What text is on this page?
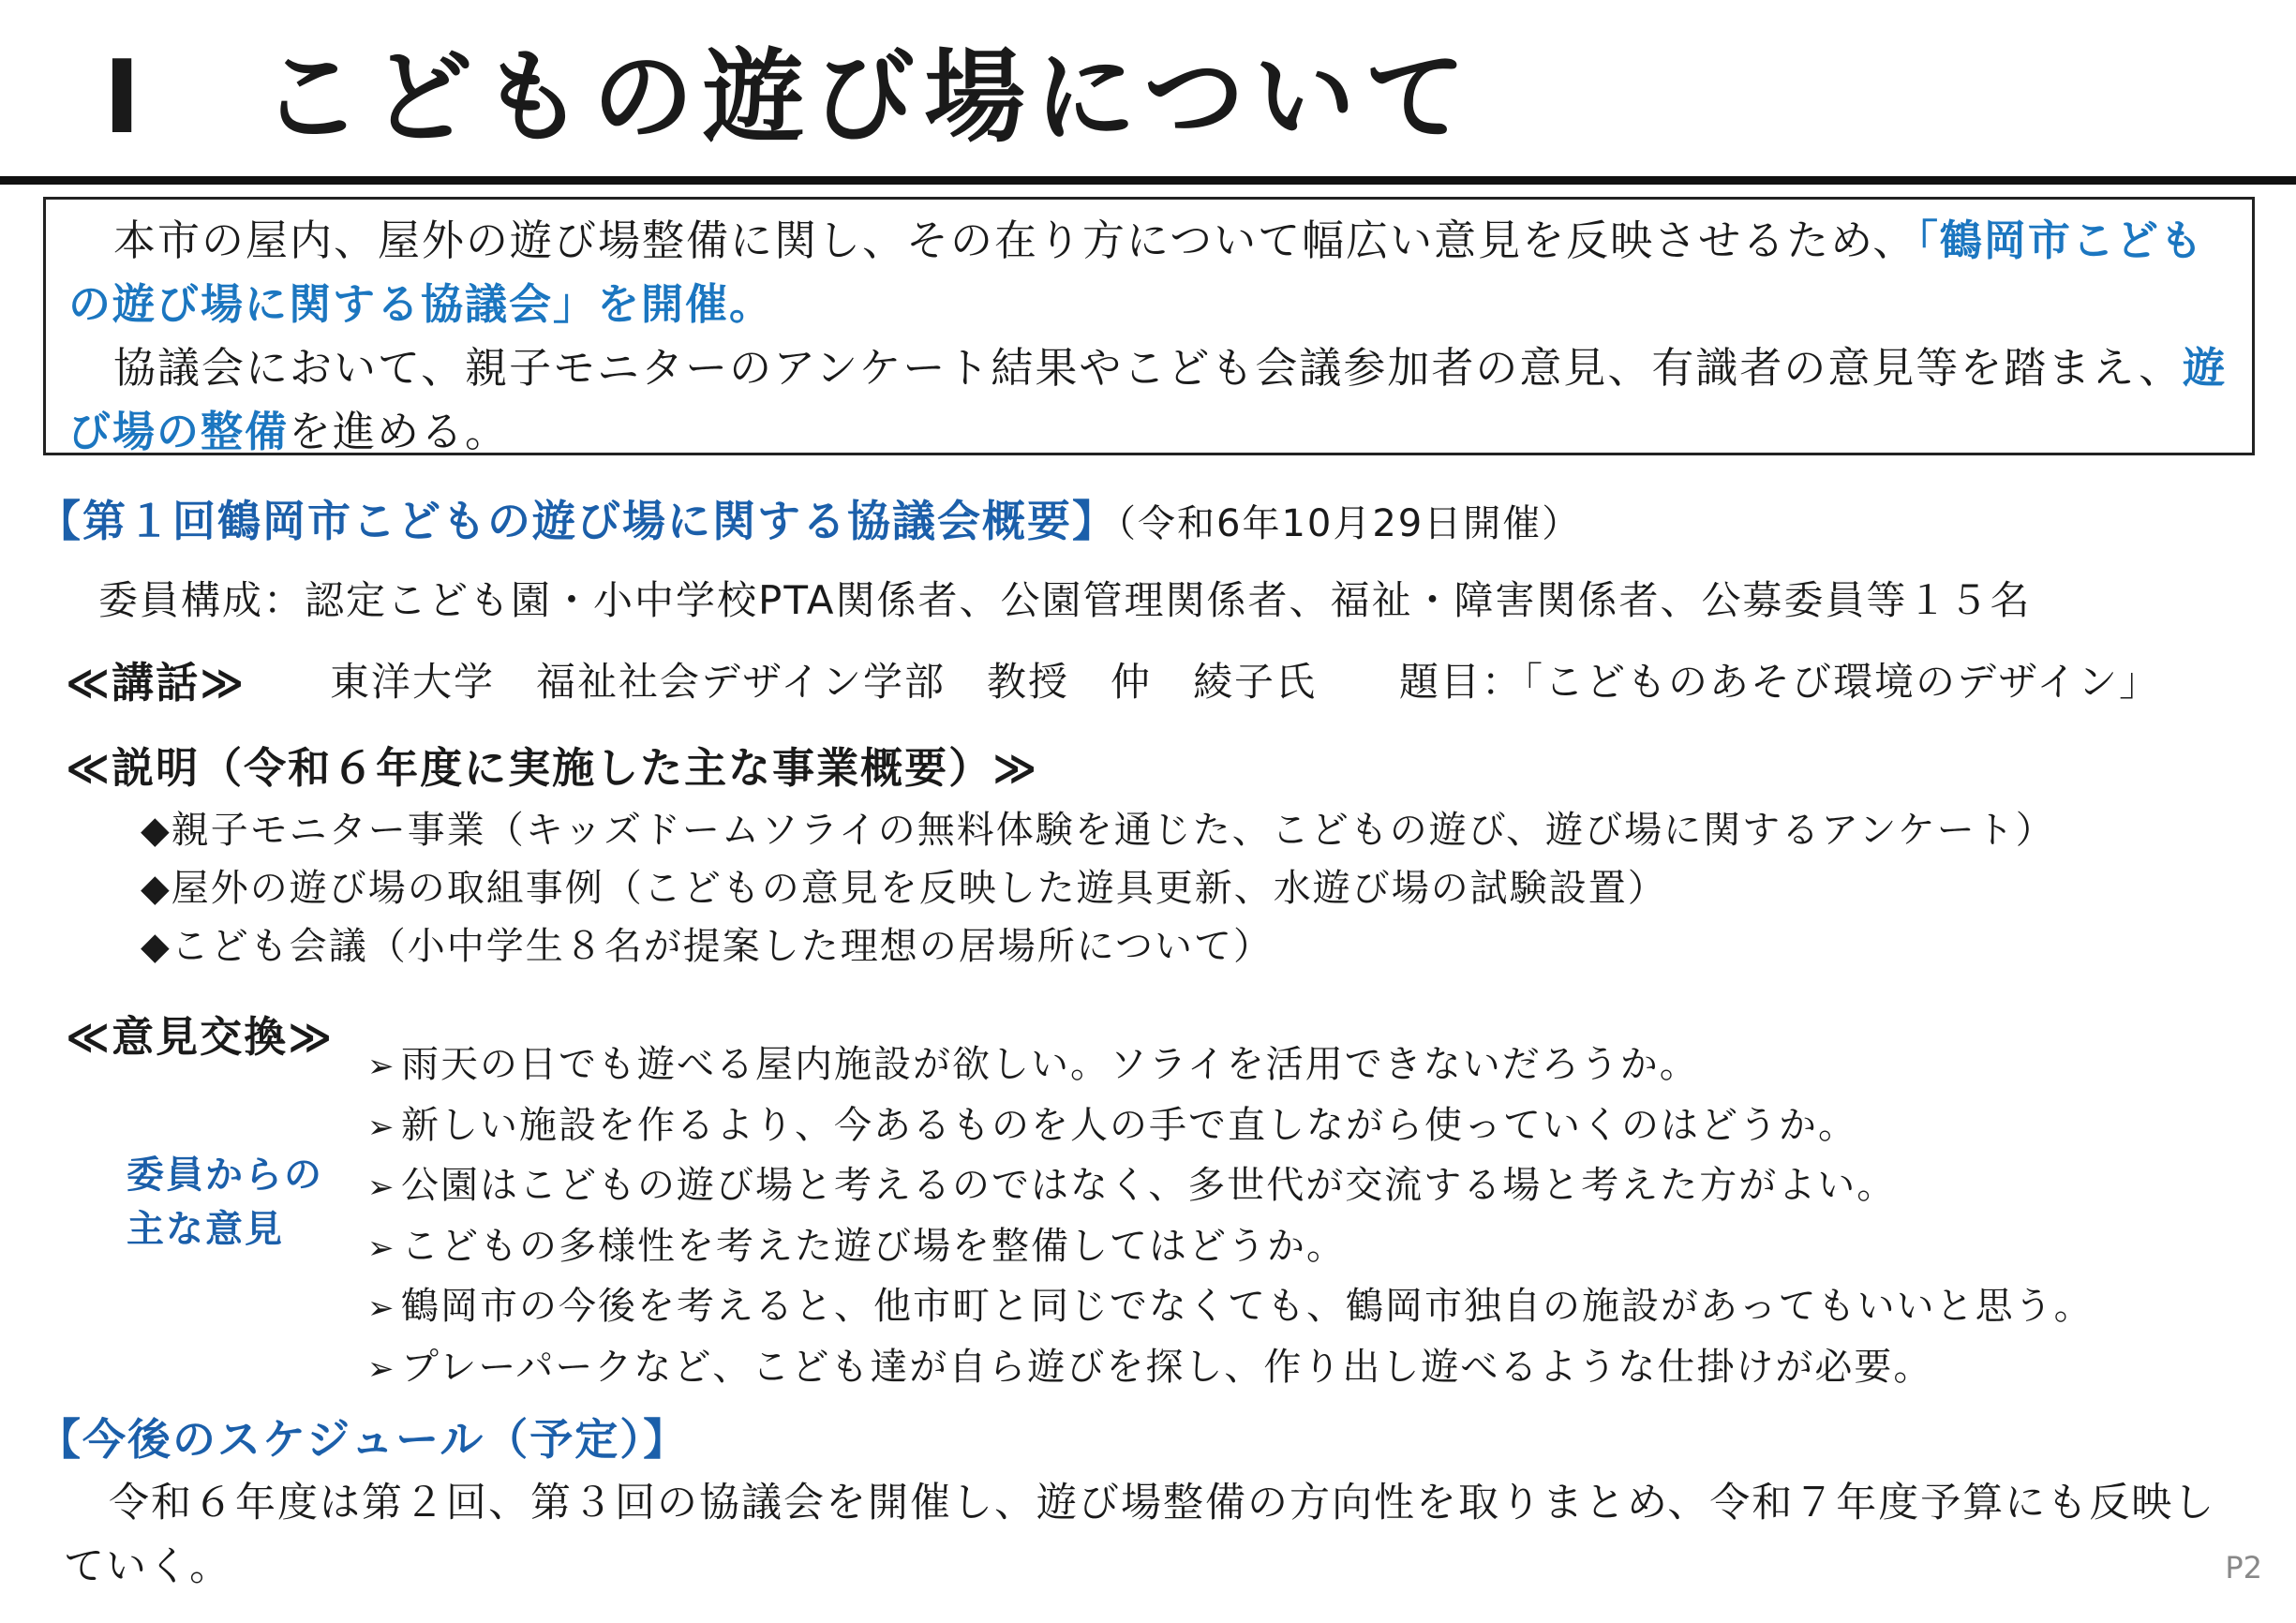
Ⅰ　こどもの遊び場について

本市の屋内、屋外の遊び場整備に関し、その在り方について幅広い意見を反映させるため、「鶴岡市こどもの遊び場に関する協議会」を開催。

協議会において、親子モニターのアンケート結果やこども会議参加者の意見、有識者の意見等を踏まえ、遊び場の整備を進める。

【第１回鶴岡市こどもの遊び場に関する協議会概要】（令和6年10月29日開催）
委員構成：認定こども園・小中学校PTA関係者、公園管理関係者、福祉・障害関係者、公募委員等１５名
≪講話≫ 東洋大学　福祉社会デザイン学部　教授　仲　綾子氏　　題目：「こどものあそび環境のデザイン」
≪説明（令和６年度に実施した主な事業概要）≫
◆親子モニター事業（キッズドームソライの無料体験を通じた、こどもの遊び、遊び場に関するアンケート）
◆屋外の遊び場の取組事例（こどもの意見を反映した遊具更新、水遊び場の試験設置）
◆こども会議（小中学生８名が提案した理想の居場所について）
≪意見交換≫
委員からの
主な意見
➢ 雨天の日でも遊べる屋内施設が欲しい。ソライを活用できないだろうか。
➢ 新しい施設を作るより、今あるものを人の手で直しながら使っていくのはどうか。
➢ 公園はこどもの遊び場と考えるのではなく、多世代が交流する場と考えた方がよい。
➢ こどもの多様性を考えた遊び場を整備してはどうか。
➢ 鶴岡市の今後を考えると、他市町と同じでなくても、鶴岡市独自の施設があってもいいと思う。
➢ プレーパークなど、こども達が自ら遊びを探し、作り出し遊べるような仕掛けが必要。
【今後のスケジュール（予定）】

令和６年度は第２回、第３回の協議会を開催し、遊び場整備の方向性を取りまとめ、令和７年度予算にも反映していく。	P2
